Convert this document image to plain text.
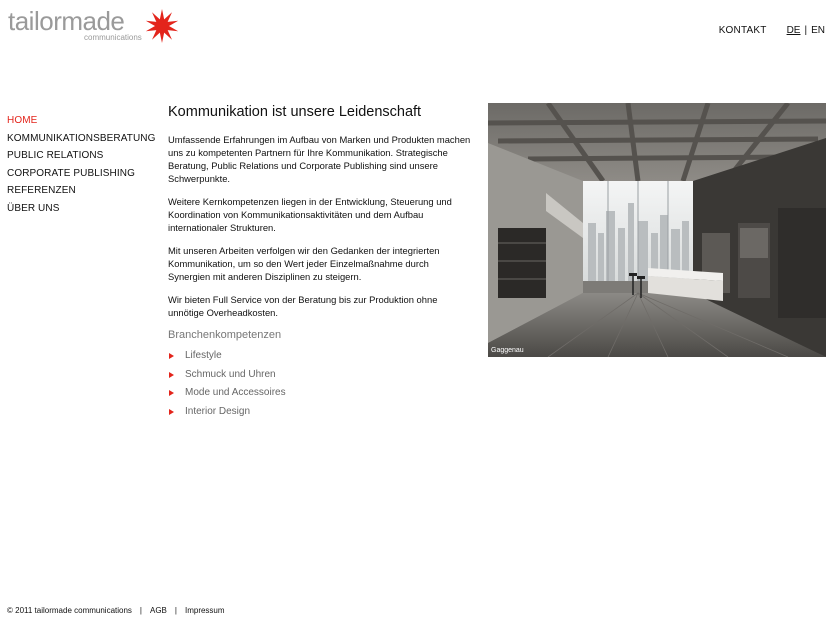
tailormade
communications
KONTAKT DE | EN
HOME
KOMMUNIKATIONSBERATUNG
PUBLIC RELATIONS
CORPORATE PUBLISHING
REFERENZEN
ÜBER UNS
Kommunikation ist unsere Leidenschaft

Umfassende Erfahrungen im Aufbau von Marken und Produkten machen uns zu kompetenten Partnern für Ihre Kommunikation. Strategische Beratung, Public Relations und Corporate Publishing sind unsere Schwerpunkte.

Weitere Kernkompetenzen liegen in der Entwicklung, Steuerung und Koordination von Kommunikationsaktivitäten und dem Aufbau internationaler Strukturen.

Mit unseren Arbeiten verfolgen wir den Gedanken der integrierten Kommunikation, um so den Wert jeder Einzelmaßnahme durch Synergien mit anderen Disziplinen zu steigern.

Wir bieten Full Service von der Beratung bis zur Produktion ohne unnötige Overheadkosten.

Branchenkompetenzen
Lifestyle
Schmuck und Uhren
Mode und Accessoires
Interior Design
Gaggenau
© 2011 tailormade communications | AGB | Impressum
